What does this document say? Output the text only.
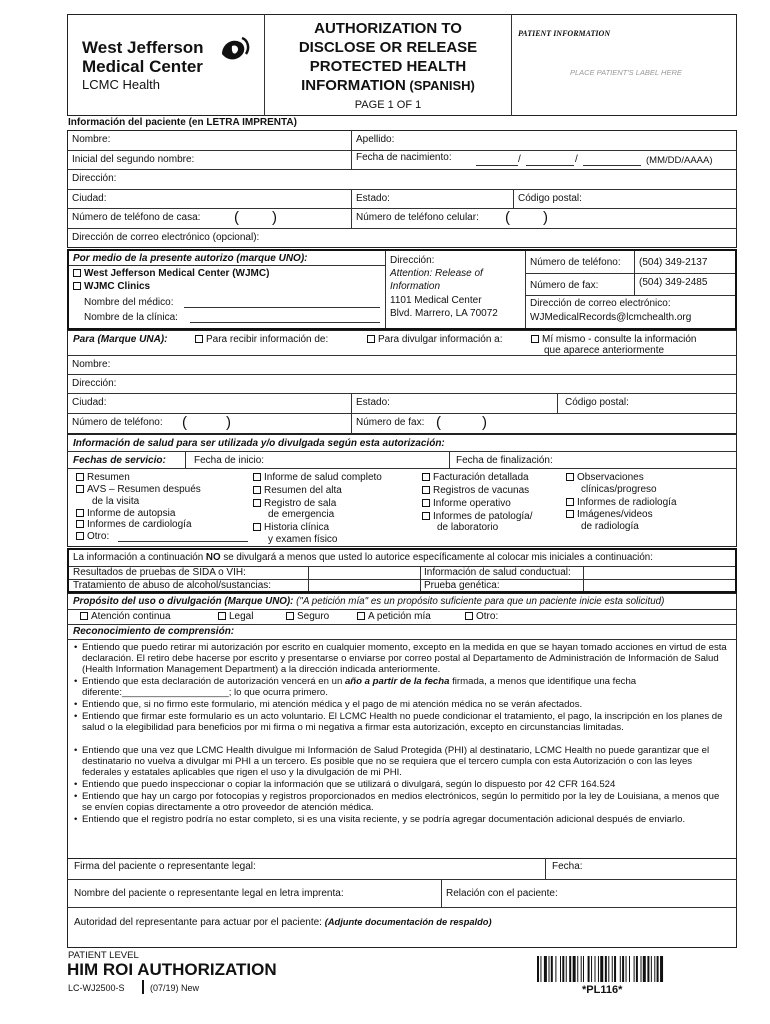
West Jefferson
Medical Center
LCMC Health
AUTHORIZATION TO
DISCLOSE OR RELEASE
PROTECTED HEALTH
INFORMATION (SPANISH)
PAGE 1 OF 1
PATIENT INFORMATION
PLACE PATIENT'S LABEL HERE
Información del paciente (en LETRA IMPRENTA)
Nombre:	Apellido:
Inicial del segundo nombre:	Fecha de nacimiento:	/	/	(MM/DD/AAAA)
Dirección:
Ciudad:	Estado:	Código postal:
Número de teléfono de casa: ( )	Número de teléfono celular: ( )
Dirección de correo electrónico (opcional):
Por medio de la presente autorizo (marque UNO):
West Jefferson Medical Center (WJMC)
WJMC Clinics
Nombre del médico:
Nombre de la clínica:
Dirección:
Attention: Release of
Information
1101 Medical Center
Blvd. Marrero, LA 70072
Número de teléfono: (504) 349-2137
Número de fax:	(504) 349-2485
Dirección de correo electrónico:
WJMedicalRecords@lcmchealth.org
Para (Marque UNA):	Para recibir información de:	Para divulgar información a:	Mí mismo - consulte la información
que aparece anteriormente
Nombre:
Dirección:
Ciudad:	Estado:	Código postal:
Número de teléfono: (	)	Número de fax: (	)
Información de salud para ser utilizada y/o divulgada según esta autorización:
Fechas de servicio:	Fecha de inicio:	Fecha de finalización:
Resumen
AVS – Resumen después
de la visita
Informe de autopsia
Informes de cardiología
Otro:
Informe de salud completo
Resumen del alta
Registro de sala
de emergencia
Historia clínica
y examen físico
Facturación detallada
Registros de vacunas
Informe operativo
Informes de patología/
de laboratorio
Observaciones
clínicas/progreso
Informes de radiología
Imágenes/videos
de radiología
La información a continuación NO se divulgará a menos que usted lo autorice específicamente al colocar mis iniciales a continuación:
Resultados de pruebas de SIDA o VIH:	Información de salud conductual:
Tratamiento de abuso de alcohol/sustancias:	Prueba genética:
Propósito del uso o divulgación (Marque UNO): ("A petición mía" es un propósito suficiente para que un paciente inicie esta solicitud)
Atención continua	Legal	Seguro	A petición mía	Otro:
Reconocimiento de comprensión:
• Entiendo que puedo retirar mi autorización por escrito en cualquier momento, excepto en la medida en que se hayan tomado acciones en virtud de esta declaración. El retiro debe hacerse por escrito y presentarse o enviarse por correo postal al Departamento de Administración de Información de Salud (Health Information Management Department) a la dirección indicada anteriormente.
• Entiendo que esta declaración de autorización vencerá en un año a partir de la fecha firmada, a menos que identifique una fecha diferente:____________________; lo que ocurra primero.
• Entiendo que, si no firmo este formulario, mi atención médica y el pago de mi atención médica no se verán afectados.
• Entiendo que firmar este formulario es un acto voluntario. El LCMC Health no puede condicionar el tratamiento, el pago, la inscripción en los planes de salud o la elegibilidad para beneficios por mi firma o mi negativa a firmar esta autorización, excepto en circunstancias limitadas.
• Entiendo que una vez que LCMC Health divulgue mi Información de Salud Protegida (PHI) al destinatario, LCMC Health no puede garantizar que el destinatario no vuelva a divulgar mi PHI a un tercero. Es posible que no se requiera que el tercero cumpla con esta Autorización o con las leyes federales y estatales aplicables que rigen el uso y la divulgación de mi PHI.
• Entiendo que puedo inspeccionar o copiar la información que se utilizará o divulgará, según lo dispuesto por 42 CFR 164.524
• Entiendo que hay un cargo por fotocopias y registros proporcionados en medios electrónicos, según lo permitido por la ley de Louisiana, a menos que se envíen copias directamente a otro proveedor de atención médica.
• Entiendo que el registro podría no estar completo, si es una visita reciente, y se podría agregar documentación adicional después de enviarlo.
Firma del paciente o representante legal:	Fecha:
Nombre del paciente o representante legal en letra imprenta:	Relación con el paciente:
Autoridad del representante para actuar por el paciente: (Adjunte documentación de respaldo)
PATIENT LEVEL
HIM ROI AUTHORIZATION
LC-WJ2500-S	(07/19) New	*PL116*
